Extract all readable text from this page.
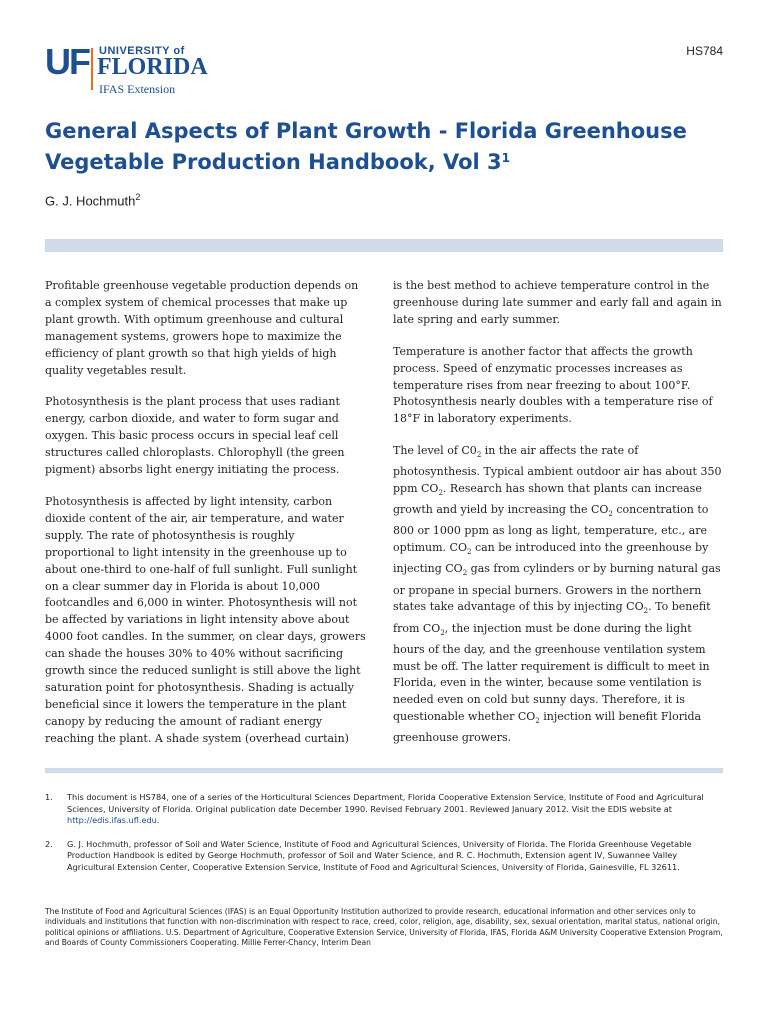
UF UNIVERSITY of
FLORIDA
IFAS Extension
HS784
General Aspects of Plant Growth - Florida Greenhouse Vegetable Production Handbook, Vol $3^1$
G. J. Hochmuth$^2$

Profitable greenhouse vegetable production depends on a complex system of chemical processes that make up plant growth. With optimum greenhouse and cultural management systems, growers hope to maximize the efficiency of plant growth so that high yields of high quality vegetables result.

Photosynthesis is the plant process that uses radiant energy, carbon dioxide, and water to form sugar and oxygen. This basic process occurs in special leaf cell structures called chloroplasts. Chlorophyll (the green pigment) absorbs light energy initiating the process.

Photosynthesis is affected by light intensity, carbon dioxide content of the air, air temperature, and water supply. The rate of photosynthesis is roughly proportional to light intensity in the greenhouse up to about one-third to one-half of full sunlight. Full sunlight on a clear summer day in Florida is about 10,000 footcandles and 6,000 in winter. Photosynthesis will not be affected by variations in light intensity above about 4000 foot candles. In the summer, on clear days, growers can shade the houses 30% to 40% without sacrificing growth since the reduced sunlight is still above the light saturation point for photosynthesis. Shading is actually beneficial since it lowers the temperature in the plant canopy by reducing the amount of radiant energy reaching the plant. A shade system (overhead curtain)

is the best method to achieve temperature control in the greenhouse during late summer and early fall and again in late spring and early summer.

Temperature is another factor that affects the growth process. Speed of enzymatic processes increases as temperature rises from near freezing to about 100°F. Photosynthesis nearly doubles with a temperature rise of 18°F in laboratory experiments.

The level of $C0_2$ in the air affects the rate of photosynthesis. Typical ambient outdoor air has about 350 ppm $CO_2$. Research has shown that plants can increase growth and yield by increasing the $CO_2$ concentration to 800 or 1000 ppm as long as light, temperature, etc., are optimum. $CO_2$ can be introduced into the greenhouse by injecting $CO_2$ gas from cylinders or by burning natural gas or propane in special burners. Growers in the northern states take advantage of this by injecting $CO_2$. To benefit from $CO_2$, the injection must be done during the light hours of the day, and the greenhouse ventilation system must be off. The latter requirement is difficult to meet in Florida, even in the winter, because some ventilation is needed even on cold but sunny days. Therefore, it is questionable whether $CO_2$ injection will benefit Florida greenhouse growers.

1.	This document is HS784, one of a series of the Horticultural Sciences Department, Florida Cooperative Extension Service, Institute of Food and Agricultural Sciences, University of Florida. Original publication date December 1990. Revised February 2001. Reviewed January 2012. Visit the EDIS website at http://edis.ifas.ufl.edu.
2.	G. J. Hochmuth, professor of Soil and Water Science, Institute of Food and Agricultural Sciences, University of Florida. The Florida Greenhouse Vegetable Production Handbook is edited by George Hochmuth, professor of Soil and Water Science, and R. C. Hochmuth, Extension agent IV, Suwannee Valley Agricultural Extension Center, Cooperative Extension Service, Institute of Food and Agricultural Sciences, University of Florida, Gainesville, FL 32611.
The Institute of Food and Agricultural Sciences (IFAS) is an Equal Opportunity Institution authorized to provide research, educational information and other services only to individuals and institutions that function with non-discrimination with respect to race, creed, color, religion, age, disability, sex, sexual orientation, marital status, national origin, political opinions or affiliations. U.S. Department of Agriculture, Cooperative Extension Service, University of Florida, IFAS, Florida A&M University Cooperative Extension Program, and Boards of County Commissioners Cooperating. Millie Ferrer-Chancy, Interim Dean
